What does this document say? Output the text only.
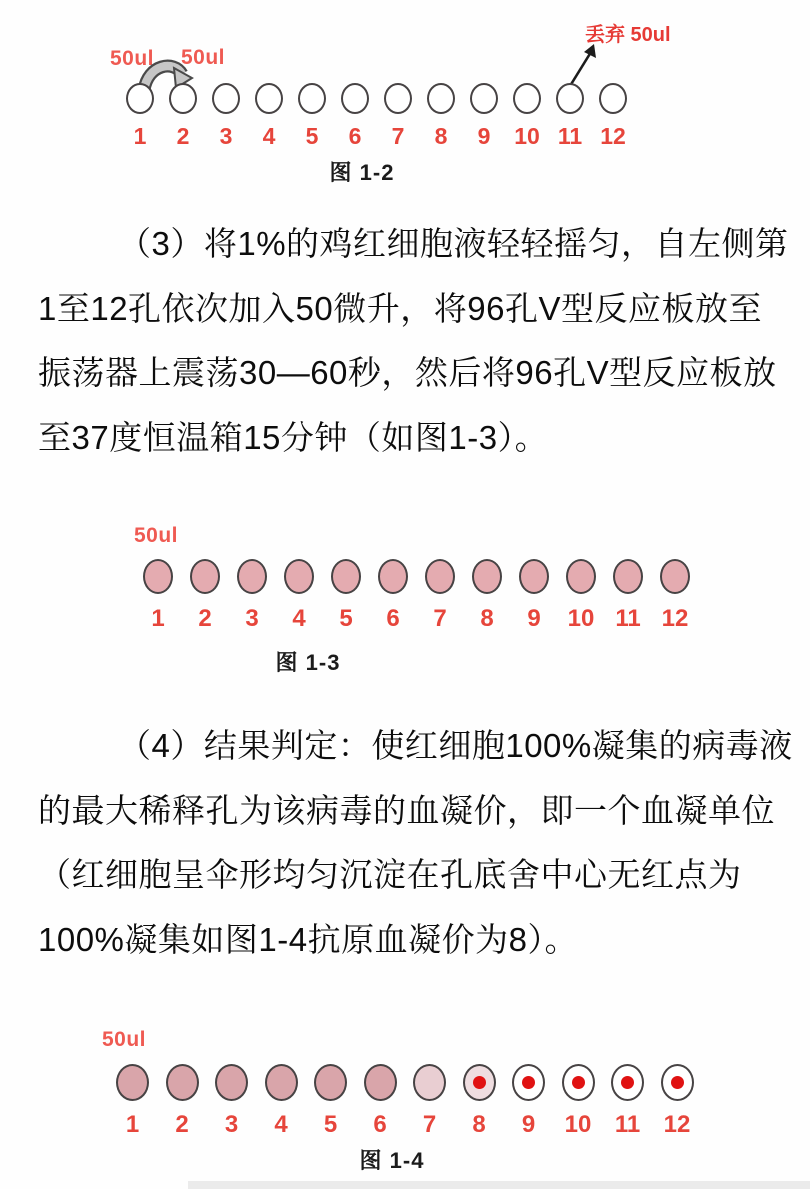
丢弃 50ul
50ul 50ul
1 2 3 4 5 6 7 8 9 10 11 12
图 1-2
（3）将1%的鸡红细胞液轻轻摇匀，自左侧第
1至12孔依次加入50微升，将96孔V型反应板放至
振荡器上震荡30—60秒，然后将96孔V型反应板放
至37度恒温箱15分钟（如图1-3）。
50ul
1 2 3 4 5 6 7 8 9 10 11 12
图 1-3
（4）结果判定：使红细胞100%凝集的病毒液
的最大稀释孔为该病毒的血凝价，即一个血凝单位
（红细胞呈伞形均匀沉淀在孔底舍中心无红点为
100%凝集如图1-4抗原血凝价为8）。
50ul
1 2 3 4 5 6 7 8 9 10 11 12
图 1-4
